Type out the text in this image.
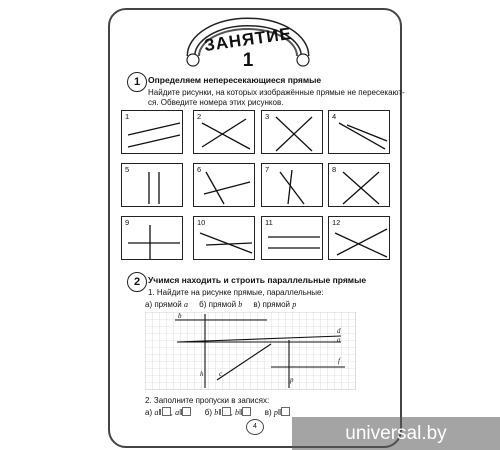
ЗАНЯТИЕ
1
1 Определяем непересекающиеся прямые
Найдите рисунки, на которых изображённые прямые не пересекают-
ся. Обведите номера этих рисунков.
1	2	3	4
5	6	7	8
9	10	11	12
2 Учимся находить и строить параллельные прямые
1. Найдите на рисунке прямые, параллельные:
а) прямой a б) прямой b в) прямой p
b
d
a
f
h c
p
2. Заполните пропуски в записях:
а) a‖ , a‖	б) b‖ , b‖	в) p‖
4	universal.by
